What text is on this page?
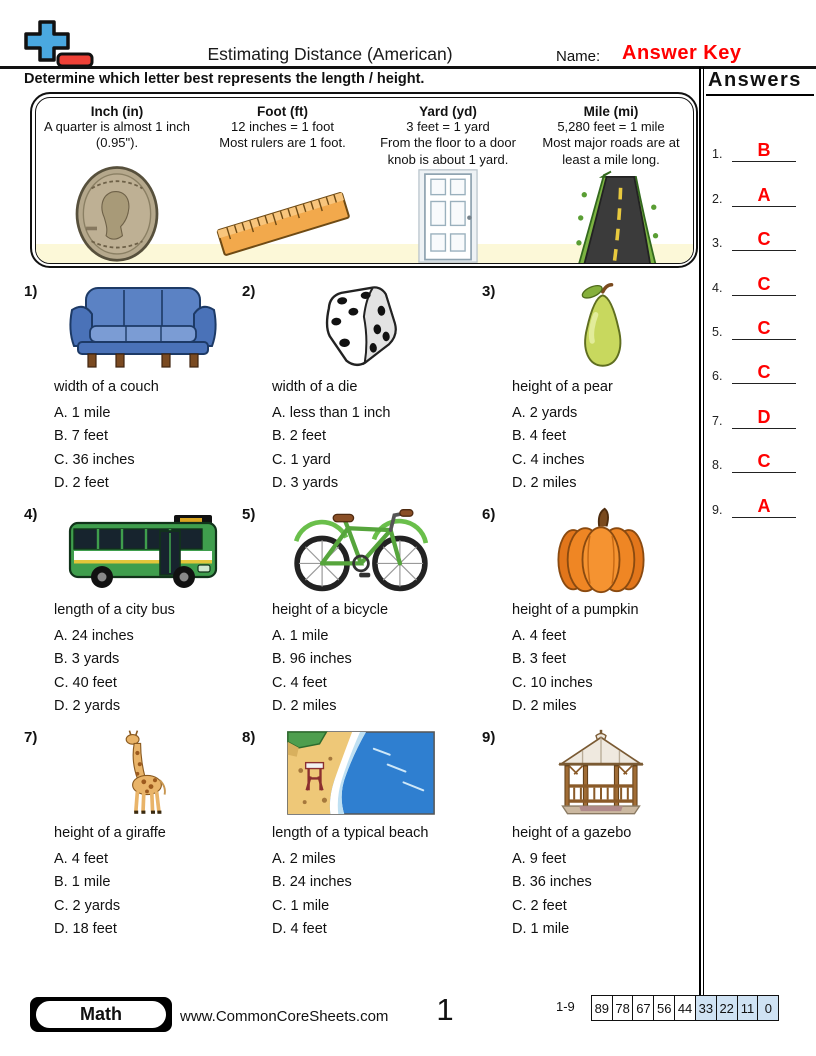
Estimating Distance (American)	Name: Answer Key
Determine which letter best represents the length / height.
Inch (in)
A quarter is almost 1 inch (0.95").
Foot (ft)
12 inches = 1 foot
Most rulers are 1 foot.
Yard (yd)
3 feet = 1 yard
From the floor to a door knob is about 1 yard.
Mile (mi)
5,280 feet = 1 mile
Most major roads are at least a mile long.
Answers
1.	B
2.	A
3.	C
4.	C
5.	C
6.	C
7.	D
8.	C
9.	A
1)
width of a couch
A. 1 mile
B. 7 feet
C. 36 inches
D. 2 feet
2)
width of a die
A. less than 1 inch
B. 2 feet
C. 1 yard
D. 3 yards
3)
height of a pear
A. 2 yards
B. 4 feet
C. 4 inches
D. 2 miles
4)
length of a city bus
A. 24 inches
B. 3 yards
C. 40 feet
D. 2 yards
5)
height of a bicycle
A. 1 mile
B. 96 inches
C. 4 feet
D. 2 miles
6)
height of a pumpkin
A. 4 feet
B. 3 feet
C. 10 inches
D. 2 miles
7)
height of a giraffe
A. 4 feet
B. 1 mile
C. 2 yards
D. 18 feet
8)
length of a typical beach
A. 2 miles
B. 24 inches
C. 1 mile
D. 4 feet
9)
height of a gazebo
A. 9 feet
B. 36 inches
C. 2 feet
D. 1 mile
Math	www.CommonCoreSheets.com	1	1-9 89 78 67 56 44 33 22 11 0
